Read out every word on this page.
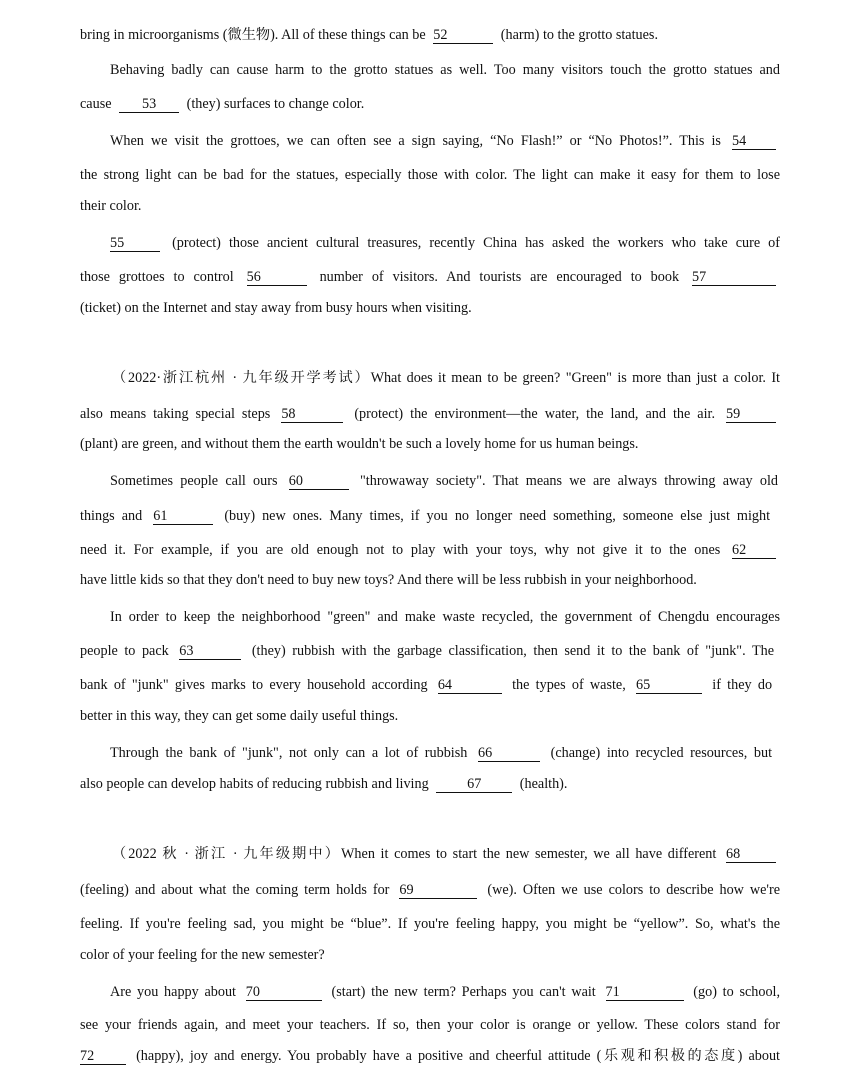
bring in microorganisms (微生物). All of these things can be 52	(harm) to the grotto statues.
Behaving badly can cause harm to the grotto statues as well. Too many visitors touch the grotto statues and
cause 53 (they) surfaces to change color.
When we visit the grottoes, we can often see a sign saying, “No Flash!” or “No Photos!”. This is 54
the strong light can be bad for the statues, especially those with color. The light can make it easy for them to lose
their color.
55	(protect) those ancient cultural treasures, recently China has asked the workers who take cure of
those grottoes to control 56	number of visitors. And tourists are encouraged to book 57
(ticket) on the Internet and stay away from busy hours when visiting.
（2022·浙江杭州 · 九年级开学考试）What does it mean to be green? "Green" is more than just a color. It
also means taking special steps 58	(protect) the environment—the water, the land, and the air. 59
(plant) are green, and without them the earth wouldn't be such a lovely home for us human beings.
Sometimes people call ours 60	"throwaway society". That means we are always throwing away old
things and 61	(buy) new ones. Many times, if you no longer need something, someone else just might
need it. For example, if you are old enough not to play with your toys, why not give it to the ones 62
have little kids so that they don't need to buy new toys? And there will be less rubbish in your neighborhood.
In order to keep the neighborhood "green" and make waste recycled, the government of Chengdu encourages
people to pack 63	(they) rubbish with the garbage classification, then send it to the bank of "junk". The
bank of "junk" gives marks to every household according 64	the types of waste, 65	if they do
better in this way, they can get some daily useful things.
Through the bank of "junk", not only can a lot of rubbish 66	(change) into recycled resources, but
also people can develop habits of reducing rubbish and living	67	(health).
（2022 秋 · 浙江 · 九年级期中）When it comes to start the new semester, we all have different 68
(feeling) and about what the coming term holds for 69	(we). Often we use colors to describe how we're
feeling. If you're feeling sad, you might be “blue”. If you're feeling happy, you might be “yellow”. So, what's the
color of your feeling for the new semester?
Are you happy about 70	(start) the new term? Perhaps you can't wait 71	(go) to school,
see your friends again, and meet your teachers. If so, then your color is orange or yellow. These colors stand for
72	(happy), joy and energy. You probably have a positive and cheerful attitude (乐观和积极的态度) about
